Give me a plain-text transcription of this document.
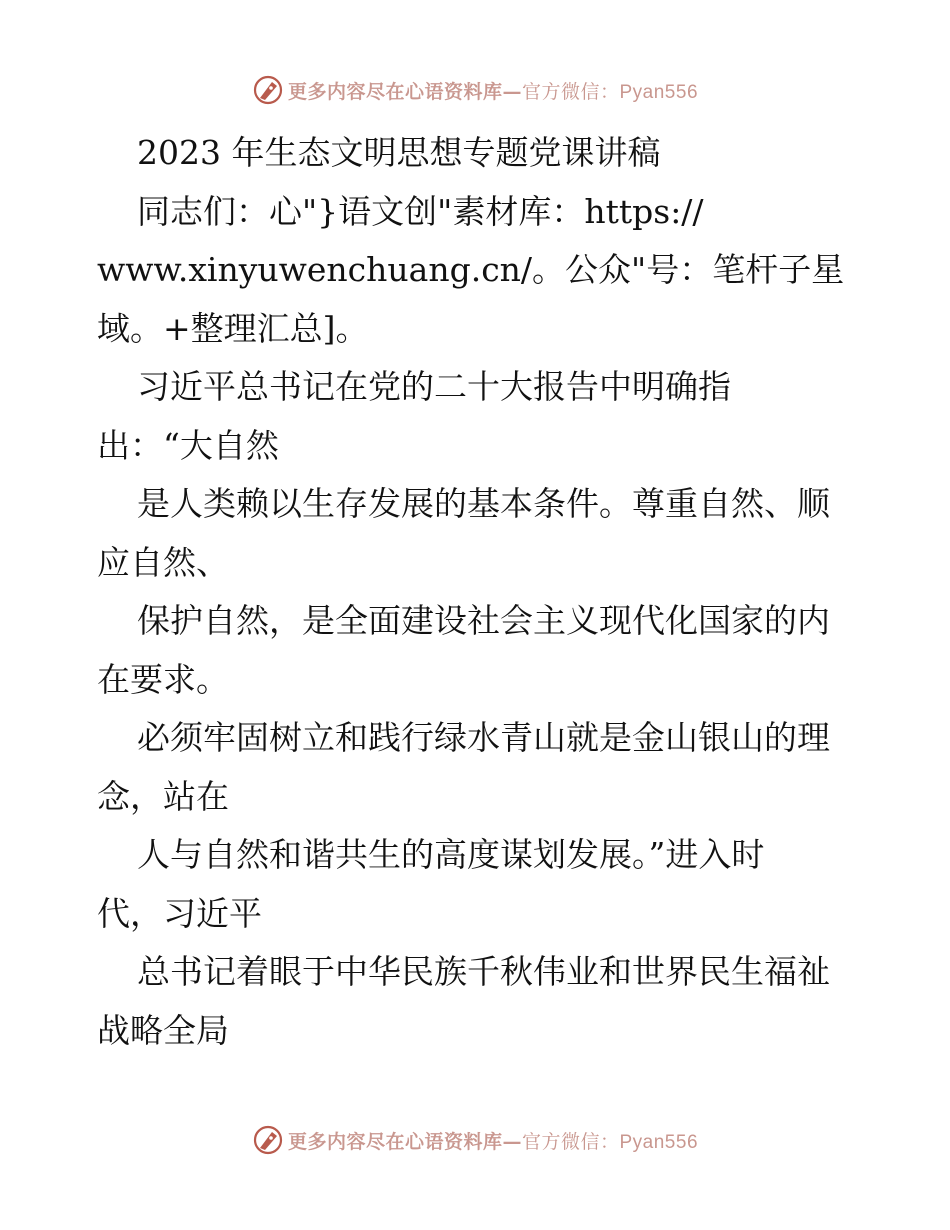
更多内容尽在心语资料库—官方微信：Pyan556
2023 年生态文明思想专题党课讲稿
同志们：心"}语文创"素材库：https://
www.xinyuwenchuang.cn/。公众"号：笔杆子星
域。+整理汇总]。
习近平总书记在党的二十大报告中明确指
出：“大自然
是人类赖以生存发展的基本条件。尊重自然、顺
应自然、
保护自然，是全面建设社会主义现代化国家的内
在要求。
必须牢固树立和践行绿水青山就是金山银山的理
念，站在
人与自然和谐共生的高度谋划发展。”进入时
代，习近平
总书记着眼于中华民族千秋伟业和世界民生福祉
战略全局
更多内容尽在心语资料库—官方微信：Pyan556
